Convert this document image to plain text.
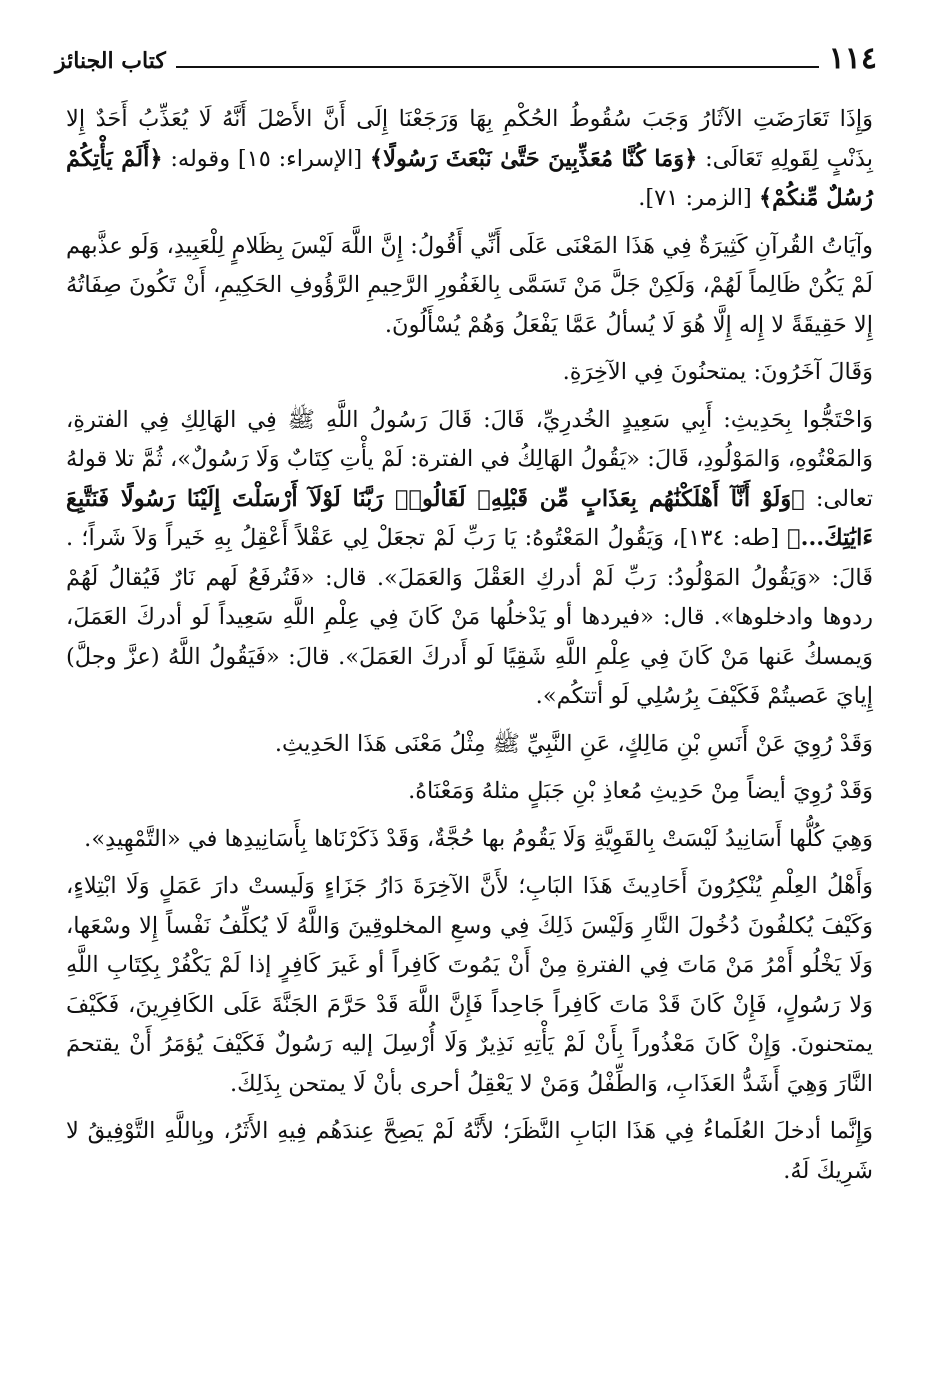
١١٤
كتاب الجنائز

وَإِذَا تَعَارَضَتِ الآثَارُ وَجَبَ سُقُوطُ الحُكْمِ بِهَا وَرَجَعْنَا إِلَى أَنَّ الأَصْلَ أَنَّهُ لَا يُعَذِّبُ أَحَدٌ إِلا بِذَنْبٍ لِقَولِهِ تَعَالَى: ﴿وَمَا كُنَّا مُعَذِّبِينَ حَتَّىٰ نَبْعَثَ رَسُولًا﴾ [الإسراء: ١٥] وقوله: ﴿أَلَمْ يَأْتِكُمْ رُسُلٌ مِّنكُمْ﴾ [الزمر: ٧١].

وآيَاتُ القُرآنِ كَثِيرَةٌ فِي هَذَا المَعْنَى عَلَى أَنِّي أَقُولُ: إِنَّ اللَّهَ لَيْسَ بِظَلامٍ لِلْعَبِيدِ، وَلَو عذَّبهم لَمْ يَكُنْ ظَالِماً لَهُمْ، وَلَكِنْ جَلَّ مَنْ تَسَمَّى بِالغَفُورِ الرَّحِيمِ الرَّؤُوفِ الحَكِيمِ، أَنْ تَكُونَ صِفَاتُهُ إِلا حَقِيقَةً لا إِله إِلَّا هُوَ لَا يُسألُ عَمَّا يَفْعَلُ وَهُمْ يُسْأَلُونَ.

وَقَالَ آخَرُونَ: يمتحنُونَ فِي الآخِرَةِ.

وَاحْتَجُّوا بِحَدِيثِ: أَبِي سَعِيدٍ الخُدرِيِّ، قَالَ: قَالَ رَسُولُ اللَّهِ ﷺ فِي الهَالِكِ فِي الفترةِ، وَالمَعْتُوهِ، وَالمَوْلُودِ، قَالَ: «يَقُولُ الهَالِكُ في الفترة: لَمْ يأْتِ كِتَابٌ وَلَا رَسُولٌ»، ثُمَّ تلا قولهُ تعالى: ﴿وَلَوْ أَنَّآ أَهْلَكْنَٰهُم بِعَذَابٍ مِّن قَبْلِهِۦ لَقَالُوا۟ رَبَّنَا لَوْلَآ أَرْسَلْتَ إِلَيْنَا رَسُولًا فَنَتَّبِعَ ءَايَٰتِكَ...﴾ [طه: ١٣٤]، وَيَقُولُ المَعْتُوهُ: يَا رَبِّ لَمْ تجعَلْ لِي عَقْلاً أَعْقِلُ بِهِ خَيراً وَلاَ شَراً؛ . قَالَ: «وَيَقُولُ المَوْلُودُ: رَبِّ لَمْ أدركِ العَقْلَ وَالعَمَلَ». قال: «فَتُرفَعُ لَهم نَارٌ فَيُقالُ لَهُمْ ردوها وادخلوها». قال: «فيردها أو يَدْخلُها مَنْ كَانَ فِي عِلْمِ اللَّهِ سَعِيداً لَو أدركَ العَمَلَ، وَيمسكُ عَنها مَنْ كَانَ فِي عِلْمِ اللَّهِ شَقِيًا لَو أَدركَ العَمَلَ». قالَ: «فَيَقُولُ اللَّهُ (عزَّ وجلَّ) إِيايَ عَصيتُمْ فَكَيْفَ بِرُسُلِي لَو أتتكُم».

وَقَدْ رُوِيَ عَنْ أَنَسِ بْنِ مَالِكٍ، عَنِ النَّبِيِّ ﷺ مِثْلُ مَعْنَى هَذَا الحَدِيثِ.

وَقَدْ رُوِيَ أيضاً مِنْ حَدِيثِ مُعاذِ بْنِ جَبَلٍ مثلهُ وَمَعْنَاهُ.

وَهِيَ كُلُّها أَسَانِيدُ لَيْسَتْ بِالقَوِيَّةِ وَلَا يَقُومُ بها حُجَّةٌ، وَقَدْ ذَكَرْنَاها بِأَسَانِيدِها في «التَّمْهِيدِ».

وَأَهْلُ العِلْمِ يُنْكِرُونَ أَحَادِيثَ هَذَا البَابِ؛ لأَنَّ الآخِرَةَ دَارُ جَزَاءٍ وَلَيستْ دارَ عَمَلٍ وَلَا ابْتِلاءٍ، وَكَيْفَ يُكلفُونَ دُخُولَ النَّارِ وَلَيْسَ ذَلِكَ فِي وسعِ المخلوقِينَ وَاللَّهُ لَا يُكلِّفُ نَفْساً إِلا وسْعَها، وَلَا يَخْلُو أَمْرُ مَنْ مَاتَ فِي الفترةِ مِنْ أَنْ يَمُوتَ كَافِراً أو غَيرَ كَافِرٍ إذا لَمْ يَكْفُرْ بِكِتَابِ اللَّهِ وَلا رَسُولٍ، فَإِنْ كَانَ قَدْ مَاتَ كَافِراً جَاحِداً فَإِنَّ اللَّهَ قَدْ حَرَّمَ الجَنَّةَ عَلَى الكَافِرِينَ، فَكَيْفَ يمتحنونَ. وَإِنْ كَانَ مَعْذُوراً بِأَنْ لَمْ يَأْتِهِ نَذِيرٌ وَلَا أُرْسِلَ إليه رَسُولٌ فَكَيْفَ يُؤمَرُ أَنْ يقتحمَ النَّارَ وَهِيَ أَشَدُّ العَذَابِ، وَالطِّفْلُ وَمَنْ لا يَعْقِلُ أحرى بأنْ لَا يمتحن بِذَلِكَ.

وَإِنَّما أدخلَ العُلَماءُ فِي هَذَا البَابِ النَّظَرَ؛ لأَنَّهُ لَمْ يَصِحَّ عِندَهُم فِيهِ الأَثَرُ، وبِاللَّهِ التَّوْفِيقُ لا شَرِيكَ لَهُ.
